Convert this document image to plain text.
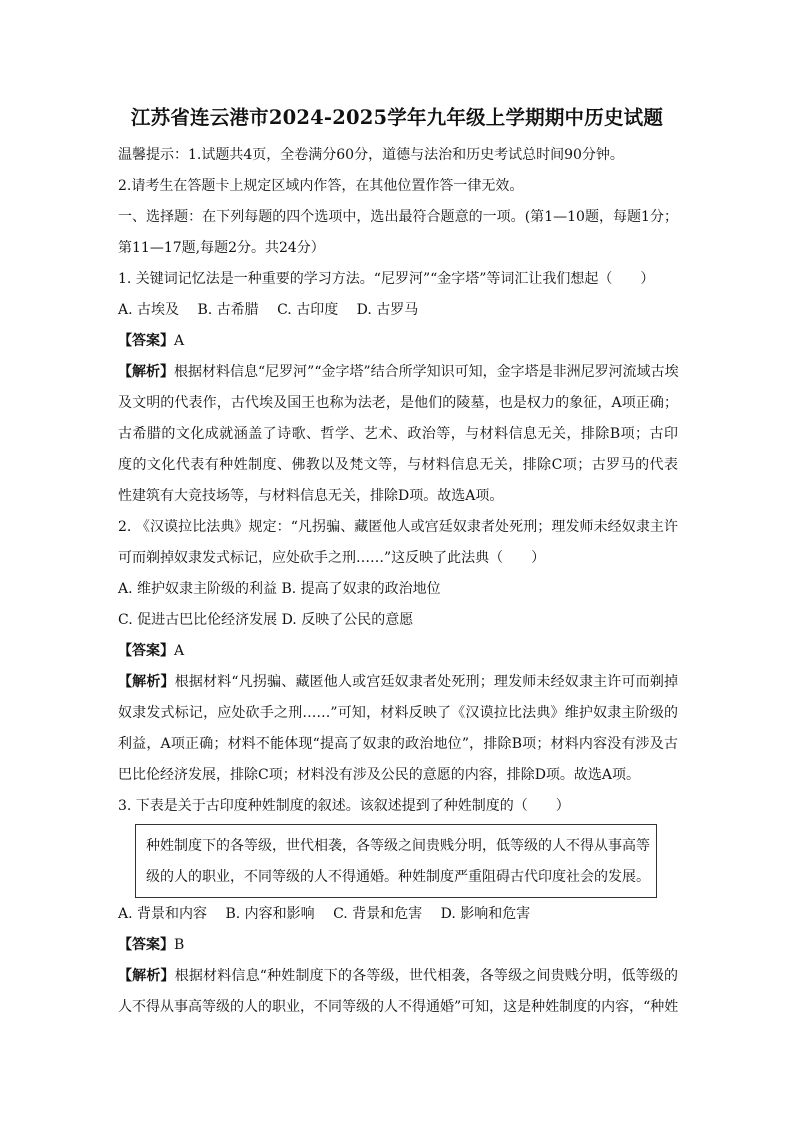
江苏省连云港市2024-2025学年九年级上学期期中历史试题
温馨提示：1.试题共4页，全卷满分60分，道德与法治和历史考试总时间90分钟。
2.请考生在答题卡上规定区域内作答，在其他位置作答一律无效。
一、选择题：在下列每题的四个选项中，选出最符合题意的一项。(第1—10题，每题1分；
第11—17题,每题2分。共24分）
1. 关键词记忆法是一种重要的学习方法。“尼罗河”“金字塔”等词汇让我们想起（　　）
A. 古埃及　 B. 古希腊　 C. 古印度　 D. 古罗马
【答案】A
【解析】根据材料信息“尼罗河”“金字塔”结合所学知识可知，金字塔是非洲尼罗河流域古埃
及文明的代表作，古代埃及国王也称为法老，是他们的陵墓，也是权力的象征，A项正确；
古希腊的文化成就涵盖了诗歌、哲学、艺术、政治等，与材料信息无关，排除B项；古印
度的文化代表有种姓制度、佛教以及梵文等，与材料信息无关，排除C项；古罗马的代表
性建筑有大竞技场等，与材料信息无关，排除D项。故选A项。
2. 《汉谟拉比法典》规定：“凡拐骗、藏匿他人或宫廷奴隶者处死刑；理发师未经奴隶主许
可而剃掉奴隶发式标记，应处砍手之刑……”这反映了此法典（　　）
A. 维护奴隶主阶级的利益 B. 提高了奴隶的政治地位
C. 促进古巴比伦经济发展 D. 反映了公民的意愿
【答案】A
【解析】根据材料“凡拐骗、藏匿他人或宫廷奴隶者处死刑；理发师未经奴隶主许可而剃掉
奴隶发式标记，应处砍手之刑……”可知，材料反映了《汉谟拉比法典》维护奴隶主阶级的
利益，A项正确；材料不能体现“提高了奴隶的政治地位”，排除B项；材料内容没有涉及古
巴比伦经济发展，排除C项；材料没有涉及公民的意愿的内容，排除D项。故选A项。
3. 下表是关于古印度种姓制度的叙述。该叙述提到了种姓制度的（　　）
种姓制度下的各等级，世代相袭，各等级之间贵贱分明，低等级的人不得从事高等
级的人的职业，不同等级的人不得通婚。种姓制度严重阻碍古代印度社会的发展。
A. 背景和内容　 B. 内容和影响　 C. 背景和危害　 D. 影响和危害
【答案】B
【解析】根据材料信息“种姓制度下的各等级，世代相袭，各等级之间贵贱分明，低等级的
人不得从事高等级的人的职业，不同等级的人不得通婚”可知，这是种姓制度的内容，“种姓
